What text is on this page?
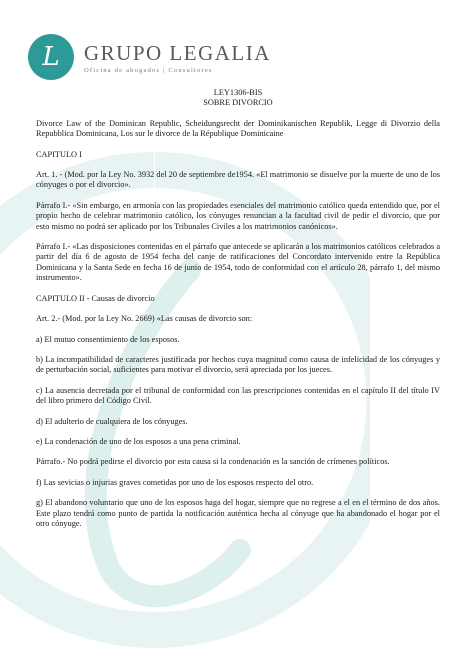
L GRUPO LEGALIA
Oficina de abogados | Consultores
LEY1306-BIS
SOBRE DIVORCIO

Divorce Law of the Dominican Republic, Scheidungsrecht der Dominikanischen Republik, Legge di Divorzio della Repubblica Dominicana, Los sur le divorce de la République Dominicaine

CAPITULO I

Art. 1. - (Mod. por la Ley No. 3932 del 20 de septiembre de1954. «El matrimonio se disuelve por la muerte de uno de los cónyuges o por el divorcio».

Párrafo I.- «Sin embargo, en armonía con las propiedades esenciales del matrimonio católico queda entendido que, por el propio hecho de celebrar matrimonio católico, los cónyuges renuncian a la facultad civil de pedir el divorcio, que por esto mismo no podrá ser aplicado por los Tribunales Civiles a los matrimonios canónicos».

Párrafo I.- «Las disposiciones contenidas en el párrafo que antecede se aplicarán a los matrimonios católicos celebrados a partir del día 6 de agosto de 1954 fecha del canje de ratificaciones del Concordato intervenido entre la República Dominicana y la Santa Sede en fecha 16 de junio de 1954, todo de conformidad con el artículo 28, párrafo 1, del mismo instrumento».

CAPITULO II - Causas de divorcio

Art. 2.- (Mod. por la Ley No. 2669) «Las causas de divorcio son:

a) El mutuo consentimiento de los esposos.

b) La incompatibilidad de caracteres justificada por hechos cuya magnitud como causa de infelicidad de los cónyuges y de perturbación social, suficientes para motivar el divorcio, será apreciada por los jueces.

c) La ausencia decretada por el tribunal de conformidad con las prescripciones contenidas en el capítulo II del título IV del libro primero del Código Civil.

d) El adulterio de cualquiera de los cónyuges.

e) La condenación de uno de los esposos a una pena criminal.

Párrafo.- No podrá pedirse el divorcio por esta causa si la condenación es la sanción de crímenes políticos.

f) Las sevicias o injurias graves cometidas por uno de los esposos respecto del otro.

g) El abandono voluntario que uno de los esposos haga del hogar, siempre que no regrese a el en el término de dos años. Este plazo tendrá como punto de partida la notificación auténtica hecha al cónyuge que ha abandonado el hogar por el otro cónyuge.
